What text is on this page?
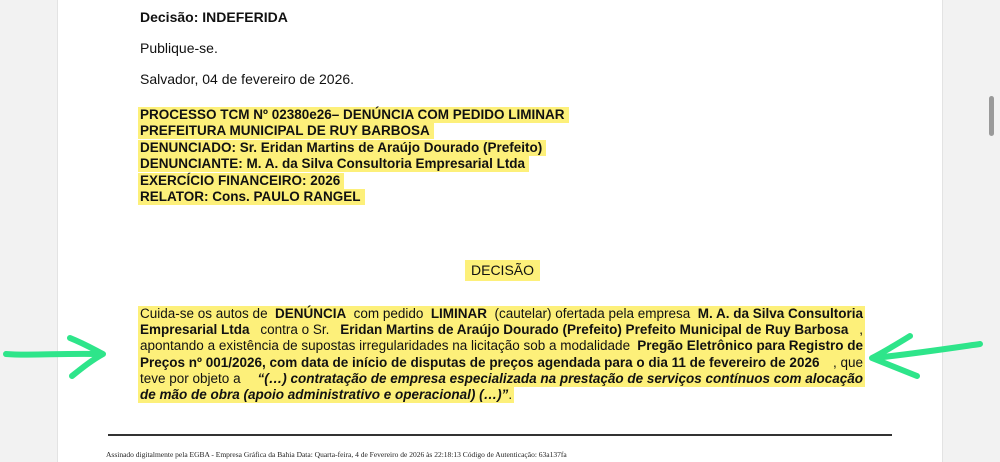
Decisão: INDEFERIDA
Publique-se.
Salvador, 04 de fevereiro de 2026.
PROCESSO TCM Nº 02380e26– DENÚNCIA COM PEDIDO LIMINAR
PREFEITURA MUNICIPAL DE RUY BARBOSA
DENUNCIADO: Sr. Eridan Martins de Araújo Dourado (Prefeito)
DENUNCIANTE: M. A. da Silva Consultoria Empresarial Ltda
EXERCÍCIO FINANCEIRO: 2026
RELATOR: Cons. PAULO RANGEL
DECISÃO
Cuida-se os autos de DENÚNCIA com pedido LIMINAR (cautelar) ofertada pela empresa M. A. da Silva Consultoria
Empresarial Ltda contra o Sr. Eridan Martins de Araújo Dourado (Prefeito) Prefeito Municipal de Ruy Barbosa ,
apontando a existência de supostas irregularidades na licitação sob a modalidade Pregão Eletrônico para Registro de
Preços nº 001/2026, com data de início de disputas de preços agendada para o dia 11 de fevereiro de 2026 , que
teve por objeto a “(…) contratação de empresa especializada na prestação de serviços contínuos com alocação
de mão de obra (apoio administrativo e operacional) (…)”.
Assinado digitalmente pela EGBA - Empresa Gráfica da Bahia Data: Quarta-feira, 4 de Fevereiro de 2026 às 22:18:13 Código de Autenticação: 63a137fa
